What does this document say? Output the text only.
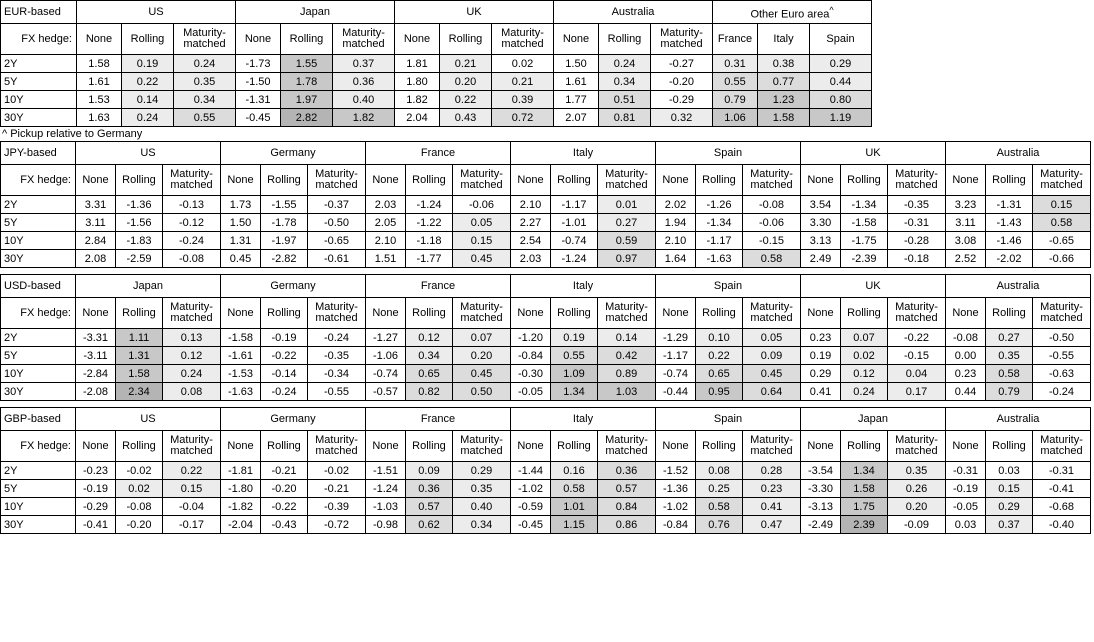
EUR-based	US			Japan			UK			Australia			Other Euro area^
FX hedge:	None	Rolling	Maturity-matched	None	Rolling	Maturity-matched	None	Rolling	Maturity-matched	None	Rolling	Maturity-matched	France	Italy	Spain
2Y	1.58	0.19	0.24	-1.73	1.55	0.37	1.81	0.21	0.02	1.50	0.24	-0.27	0.31	0.38	0.29
5Y	1.61	0.22	0.35	-1.50	1.78	0.36	1.80	0.20	0.21	1.61	0.34	-0.20	0.55	0.77	0.44
10Y	1.53	0.14	0.34	-1.31	1.97	0.40	1.82	0.22	0.39	1.77	0.51	-0.29	0.79	1.23	0.80
30Y	1.63	0.24	0.55	-0.45	2.82	1.82	2.04	0.43	0.72	2.07	0.81	0.32	1.06	1.58	1.19
^ Pickup relative to Germany
JPY-based	US			Germany			France			Italy			Spain			UK			Australia		
FX hedge:	None	Rolling	Maturity-matched	None	Rolling	Maturity-matched	None	Rolling	Maturity-matched	None	Rolling	Maturity-matched	None	Rolling	Maturity-matched	None	Rolling	Maturity-matched	None	Rolling	Maturity-matched
2Y	3.31	-1.36	-0.13	1.73	-1.55	-0.37	2.03	-1.24	-0.06	2.10	-1.17	0.01	2.02	-1.26	-0.08	3.54	-1.34	-0.35	3.23	-1.31	0.15
5Y	3.11	-1.56	-0.12	1.50	-1.78	-0.50	2.05	-1.22	0.05	2.27	-1.01	0.27	1.94	-1.34	-0.06	3.30	-1.58	-0.31	3.11	-1.43	0.58
10Y	2.84	-1.83	-0.24	1.31	-1.97	-0.65	2.10	-1.18	0.15	2.54	-0.74	0.59	2.10	-1.17	-0.15	3.13	-1.75	-0.28	3.08	-1.46	-0.65
30Y	2.08	-2.59	-0.08	0.45	-2.82	-0.61	1.51	-1.77	0.45	2.03	-1.24	0.97	1.64	-1.63	0.58	2.49	-2.39	-0.18	2.52	-2.02	-0.66
USD-based	Japan			Germany			France			Italy			Spain			UK			Australia		
FX hedge:	None	Rolling	Maturity-matched	None	Rolling	Maturity-matched	None	Rolling	Maturity-matched	None	Rolling	Maturity-matched	None	Rolling	Maturity-matched	None	Rolling	Maturity-matched	None	Rolling	Maturity-matched
2Y	-3.31	1.11	0.13	-1.58	-0.19	-0.24	-1.27	0.12	0.07	-1.20	0.19	0.14	-1.29	0.10	0.05	0.23	0.07	-0.22	-0.08	0.27	-0.50
5Y	-3.11	1.31	0.12	-1.61	-0.22	-0.35	-1.06	0.34	0.20	-0.84	0.55	0.42	-1.17	0.22	0.09	0.19	0.02	-0.15	0.00	0.35	-0.55
10Y	-2.84	1.58	0.24	-1.53	-0.14	-0.34	-0.74	0.65	0.45	-0.30	1.09	0.89	-0.74	0.65	0.45	0.29	0.12	0.04	0.23	0.58	-0.63
30Y	-2.08	2.34	0.08	-1.63	-0.24	-0.55	-0.57	0.82	0.50	-0.05	1.34	1.03	-0.44	0.95	0.64	0.41	0.24	0.17	0.44	0.79	-0.24
GBP-based	US			Germany			France			Italy			Spain			Japan			Australia		
FX hedge:	None	Rolling	Maturity-matched	None	Rolling	Maturity-matched	None	Rolling	Maturity-matched	None	Rolling	Maturity-matched	None	Rolling	Maturity-matched	None	Rolling	Maturity-matched	None	Rolling	Maturity-matched
2Y	-0.23	-0.02	0.22	-1.81	-0.21	-0.02	-1.51	0.09	0.29	-1.44	0.16	0.36	-1.52	0.08	0.28	-3.54	1.34	0.35	-0.31	0.03	-0.31
5Y	-0.19	0.02	0.15	-1.80	-0.20	-0.21	-1.24	0.36	0.35	-1.02	0.58	0.57	-1.36	0.25	0.23	-3.30	1.58	0.26	-0.19	0.15	-0.41
10Y	-0.29	-0.08	-0.04	-1.82	-0.22	-0.39	-1.03	0.57	0.40	-0.59	1.01	0.84	-1.02	0.58	0.41	-3.13	1.75	0.20	-0.05	0.29	-0.68
30Y	-0.41	-0.20	-0.17	-2.04	-0.43	-0.72	-0.98	0.62	0.34	-0.45	1.15	0.86	-0.84	0.76	0.47	-2.49	2.39	-0.09	0.03	0.37	-0.40
